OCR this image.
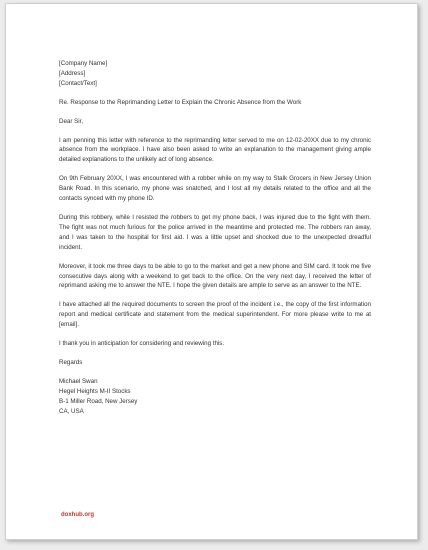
[Company Name]
[Address]
[Contact/Text]

Re. Response to the Reprimanding Letter to Explain the Chronic Absence from the Work

Dear Sir,

I am penning this letter with reference to the reprimanding letter served to me on 12-02-20XX due to my chronic absence from the workplace. I have also been asked to write an explanation to the management giving ample detailed explanations to the unlikely act of long absence.

On 9th February 20XX, I was encountered with a robber while on my way to Stalk Grocers in New Jersey Union Bank Road. In this scenario, my phone was snatched, and I lost all my details related to the office and all the contacts synced with my phone ID.

During this robbery, while I resisted the robbers to get my phone back, I was injured due to the fight with them. The fight was not much furious for the police arrived in the meantime and protected me. The robbers ran away, and I was taken to the hospital for first aid. I was a little upset and shocked due to the unexpected dreadful incident.

Moreover, it took me three days to be able to go to the market and get a new phone and SIM card. It took me five consecutive days along with a weekend to get back to the office. On the very next day, I received the letter of reprimand asking me to answer the NTE. I hope the given details are ample to serve as an answer to the NTE.

I have attached all the required documents to screen the proof of the incident i.e., the copy of the first information report and medical certificate and statement from the medical superintendent. For more please write to me at [email].

I thank you in anticipation for considering and reviewing this.

Regards

Michael Swan
Hegel Heights M-II Stocks
B-1 Miller Road, New Jersey
CA, USA

doxhub.org
